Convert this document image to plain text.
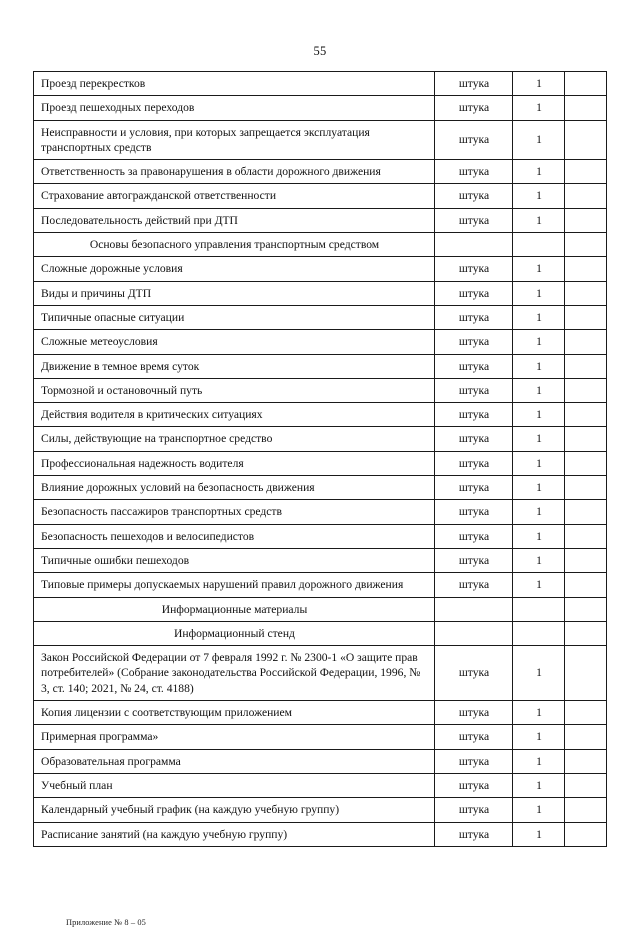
55
Проезд перекрестков	штука	1	
Проезд пешеходных переходов	штука	1	
Неисправности и условия, при которых запрещается эксплуатация транспортных средств	штука	1	
Ответственность за правонарушения в области дорожного движения	штука	1	
Страхование автогражданской ответственности	штука	1	
Последовательность действий при ДТП	штука	1	
Основы безопасного управления транспортным средством			
Сложные дорожные условия	штука	1	
Виды и причины ДТП	штука	1	
Типичные опасные ситуации	штука	1	
Сложные метеоусловия	штука	1	
Движение в темное время суток	штука	1	
Тормозной и остановочный путь	штука	1	
Действия водителя в критических ситуациях	штука	1	
Силы, действующие на транспортное средство	штука	1	
Профессиональная надежность водителя	штука	1	
Влияние дорожных условий на безопасность движения	штука	1	
Безопасность пассажиров транспортных средств	штука	1	
Безопасность пешеходов и велосипедистов	штука	1	
Типичные ошибки пешеходов	штука	1	
Типовые примеры допускаемых нарушений правил дорожного движения	штука	1	
Информационные материалы			
Информационный стенд			
Закон Российской Федерации от 7 февраля 1992 г. № 2300-1 «О защите прав потребителей» (Собрание законодательства Российской Федерации, 1996, № 3, ст. 140; 2021, № 24, ст. 4188)	штука	1	
Копия лицензии с соответствующим приложением	штука	1	
Примерная программа»	штука	1	
Образовательная программа	штука	1	
Учебный план	штука	1	
Календарный учебный график (на каждую учебную группу)	штука	1	
Расписание занятий (на каждую учебную группу)	штука	1	
Приложение № 8 – 05
